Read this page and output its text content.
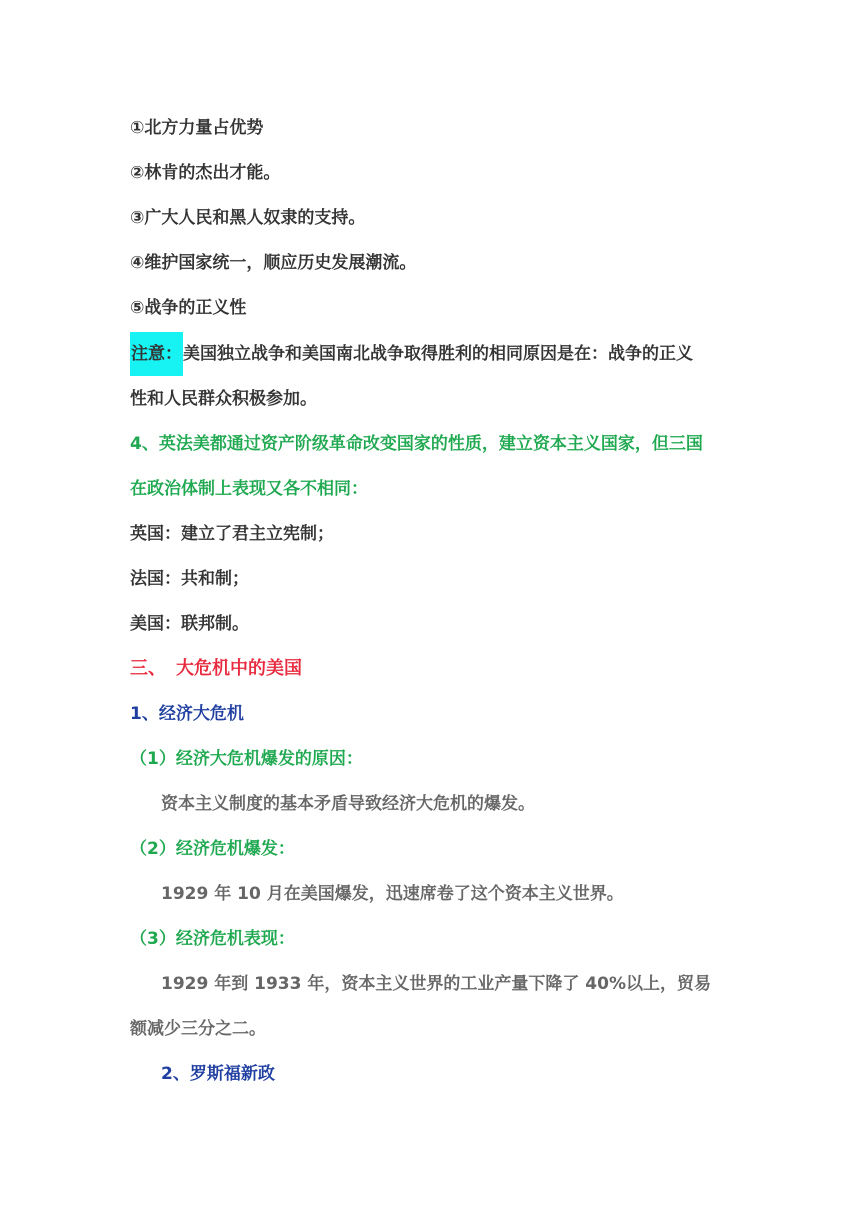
①北方力量占优势
②林肯的杰出才能。
③广大人民和黑人奴隶的支持。
④维护国家统一，顺应历史发展潮流。
⑤战争的正义性
注意：美国独立战争和美国南北战争取得胜利的相同原因是在：战争的正义
性和人民群众积极参加。
4、英法美都通过资产阶级革命改变国家的性质，建立资本主义国家，但三国
在政治体制上表现又各不相同：
英国：建立了君主立宪制；
法国：共和制；
美国：联邦制。
三、 大危机中的美国
1、经济大危机
（1）经济大危机爆发的原因：
资本主义制度的基本矛盾导致经济大危机的爆发。
（2）经济危机爆发：
1929 年 10 月在美国爆发，迅速席卷了这个资本主义世界。
（3）经济危机表现：
1929 年到 1933 年，资本主义世界的工业产量下降了 40%以上，贸易
额减少三分之二。
2、罗斯福新政
